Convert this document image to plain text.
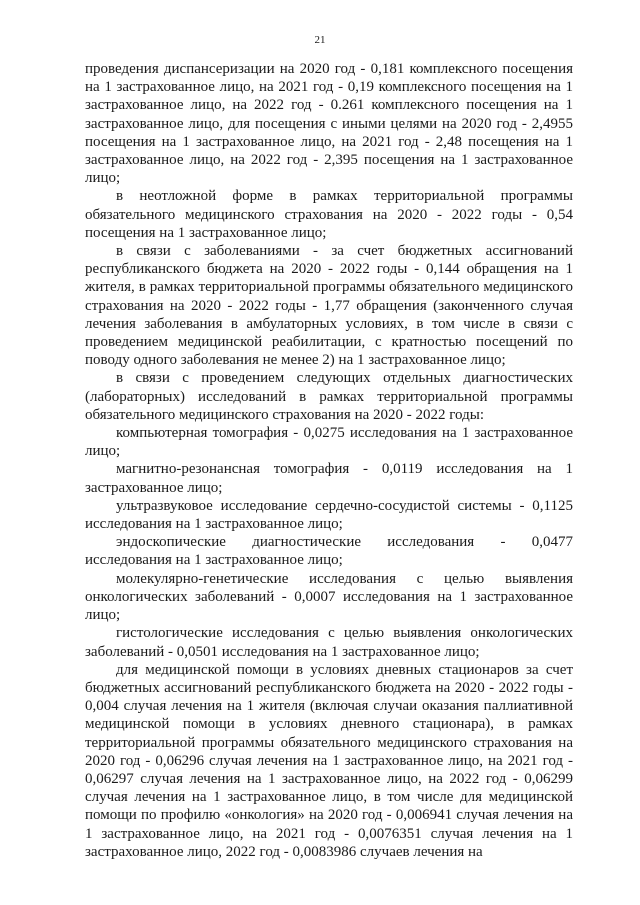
21

проведения диспансеризации на 2020 год - 0,181 комплексного посещения на 1 застрахованное лицо, на 2021 год - 0,19 комплексного посещения на 1 застрахованное лицо, на 2022 год - 0.261 комплексного посещения на 1 застрахованное лицо, для посещения с иными целями на 2020 год - 2,4955 посещения на 1 застрахованное лицо, на 2021 год - 2,48 посещения на 1 застрахованное лицо, на 2022 год - 2,395 посещения на 1 застрахованное лицо;

в неотложной форме в рамках территориальной программы обязательного медицинского страхования на 2020 - 2022 годы - 0,54 посещения на 1 застрахованное лицо;

в связи с заболеваниями - за счет бюджетных ассигнований республиканского бюджета на 2020 - 2022 годы - 0,144 обращения на 1 жителя, в рамках территориальной программы обязательного медицинского страхования на 2020 - 2022 годы - 1,77 обращения (законченного случая лечения заболевания в амбулаторных условиях, в том числе в связи с проведением медицинской реабилитации, с кратностью посещений по поводу одного заболевания не менее 2) на 1 застрахованное лицо;

в связи с проведением следующих отдельных диагностических (лабораторных) исследований в рамках территориальной программы обязательного медицинского страхования на 2020 - 2022 годы:

компьютерная томография - 0,0275 исследования на 1 застрахованное лицо;

магнитно-резонансная томография - 0,0119 исследования на 1 застрахованное лицо;

ультразвуковое исследование сердечно-сосудистой системы - 0,1125 исследования на 1 застрахованное лицо;

эндоскопические диагностические исследования - 0,0477 исследования на 1 застрахованное лицо;

молекулярно-генетические исследования с целью выявления онкологических заболеваний - 0,0007 исследования на 1 застрахованное лицо;

гистологические исследования с целью выявления онкологических заболеваний - 0,0501 исследования на 1 застрахованное лицо;

для медицинской помощи в условиях дневных стационаров за счет бюджетных ассигнований республиканского бюджета на 2020 - 2022 годы - 0,004 случая лечения на 1 жителя (включая случаи оказания паллиативной медицинской помощи в условиях дневного стационара), в рамках территориальной программы обязательного медицинского страхования на 2020 год - 0,06296 случая лечения на 1 застрахованное лицо, на 2021 год - 0,06297 случая лечения на 1 застрахованное лицо, на 2022 год - 0,06299 случая лечения на 1 застрахованное лицо, в том числе для медицинской помощи по профилю «онкология» на 2020 год - 0,006941 случая лечения на 1 застрахованное лицо, на 2021 год - 0,0076351 случая лечения на 1 застрахованное лицо, 2022 год - 0,0083986 случаев лечения на
